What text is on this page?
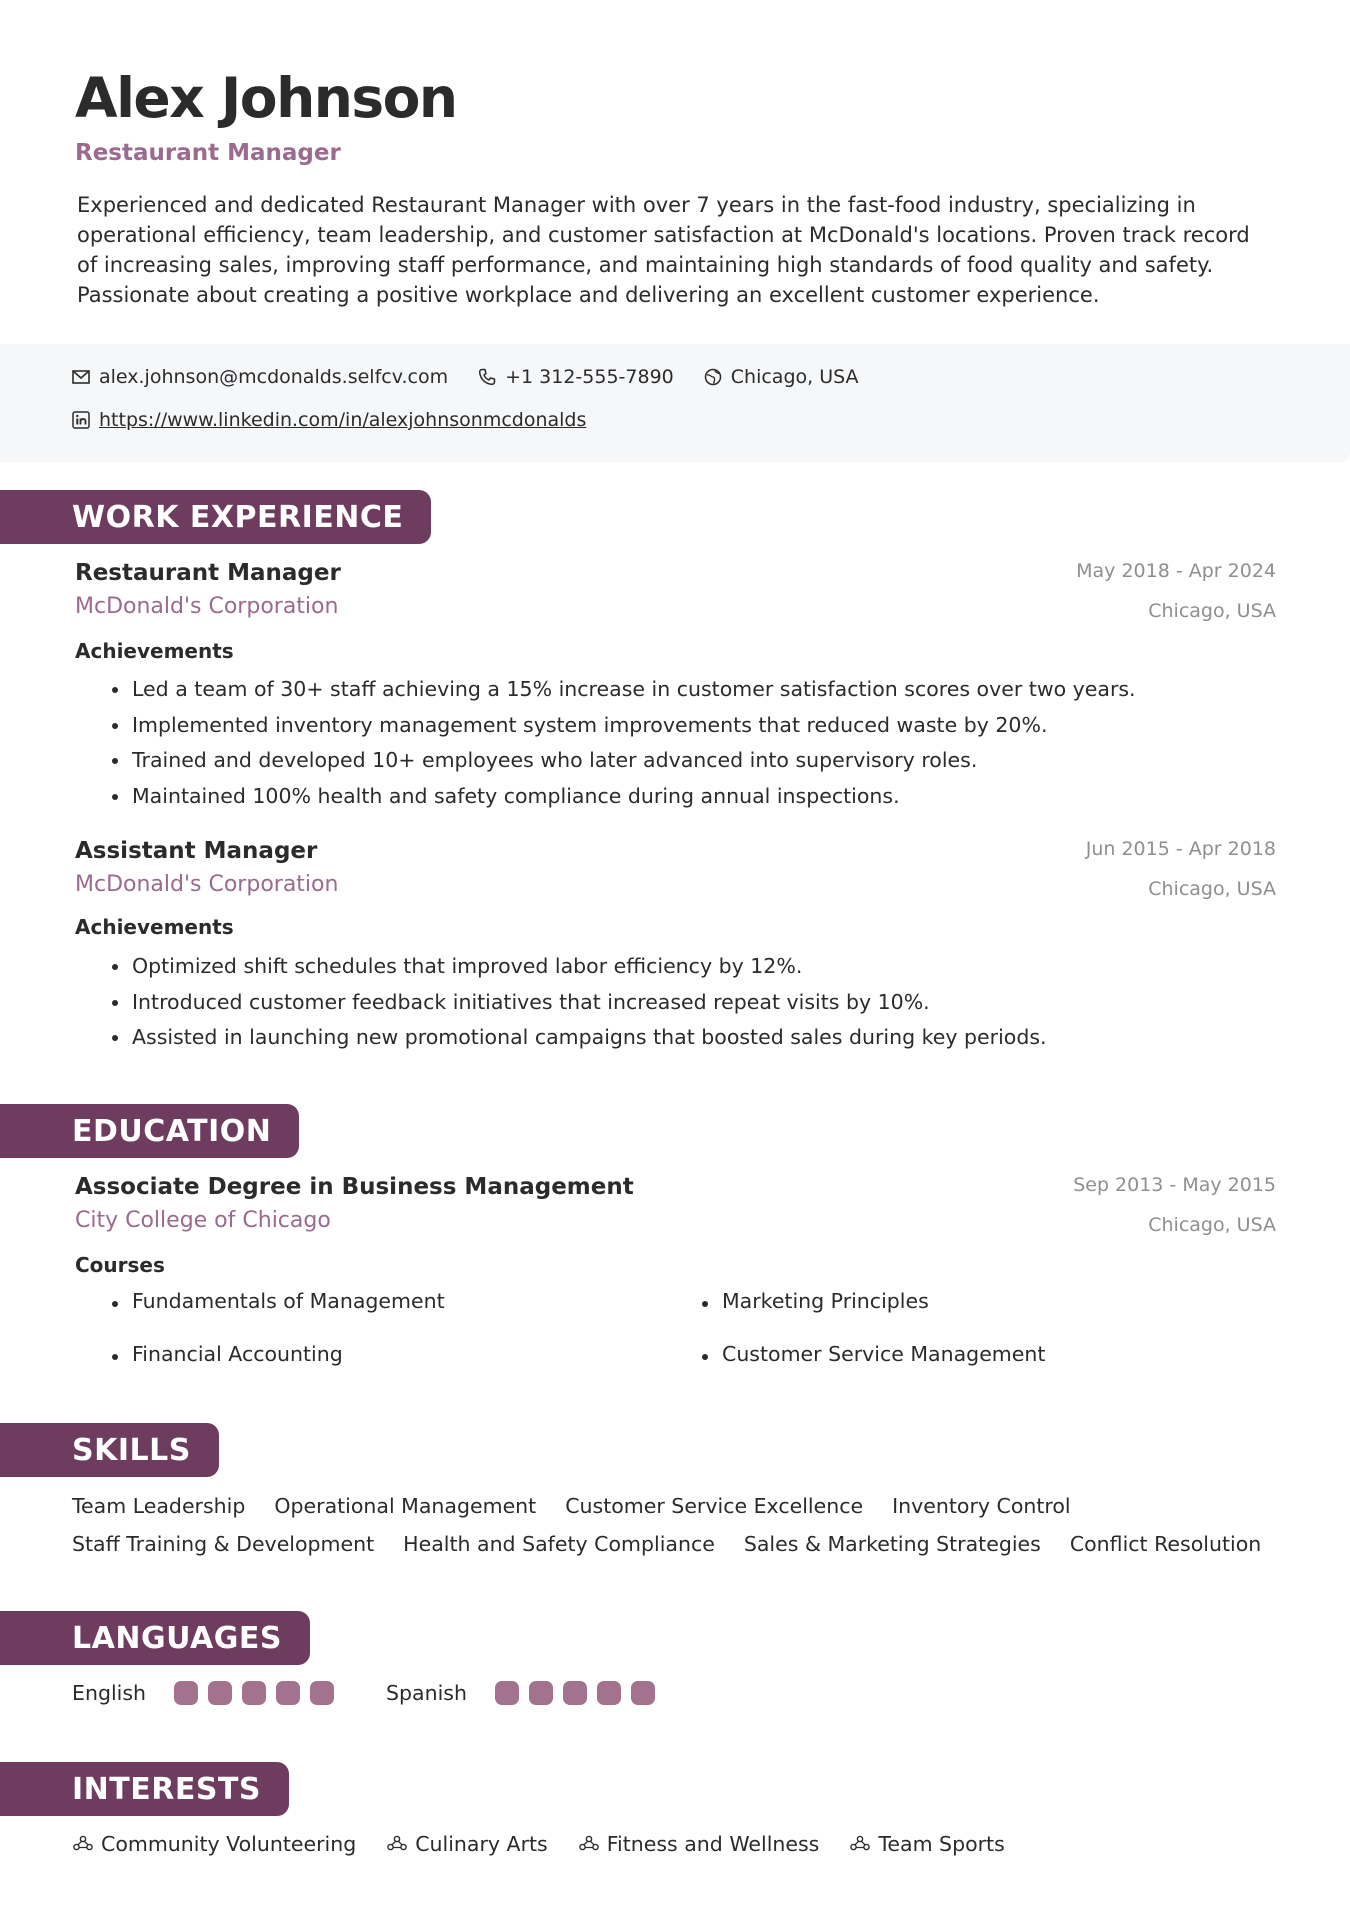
Alex Johnson
Restaurant Manager

Experienced and dedicated Restaurant Manager with over 7 years in the fast-food industry, specializing in operational efficiency, team leadership, and customer satisfaction at McDonald's locations. Proven track record of increasing sales, improving staff performance, and maintaining high standards of food quality and safety. Passionate about creating a positive workplace and delivering an excellent customer experience.

alex.johnson@mcdonalds.selfcv.com	+1 312-555-7890	Chicago, USA
https://www.linkedin.com/in/alexjohnsonmcdonalds
WORK EXPERIENCE
Restaurant Manager
McDonald's Corporation
May 2018 - Apr 2024
Chicago, USA
Achievements
Led a team of 30+ staff achieving a 15% increase in customer satisfaction scores over two years.
Implemented inventory management system improvements that reduced waste by 20%.
Trained and developed 10+ employees who later advanced into supervisory roles.
Maintained 100% health and safety compliance during annual inspections.
Assistant Manager
McDonald's Corporation
Jun 2015 - Apr 2018
Chicago, USA
Achievements
Optimized shift schedules that improved labor efficiency by 12%.
Introduced customer feedback initiatives that increased repeat visits by 10%.
Assisted in launching new promotional campaigns that boosted sales during key periods.
EDUCATION
Associate Degree in Business Management
City College of Chicago
Sep 2013 - May 2015
Chicago, USA
Courses
Fundamentals of Management	Marketing Principles
Financial Accounting	Customer Service Management
SKILLS
Team Leadership Operational Management Customer Service Excellence Inventory Control
Staff Training & Development Health and Safety Compliance Sales & Marketing Strategies Conflict Resolution
LANGUAGES
English	Spanish
INTERESTS
Community Volunteering	Culinary Arts	Fitness and Wellness	Team Sports
